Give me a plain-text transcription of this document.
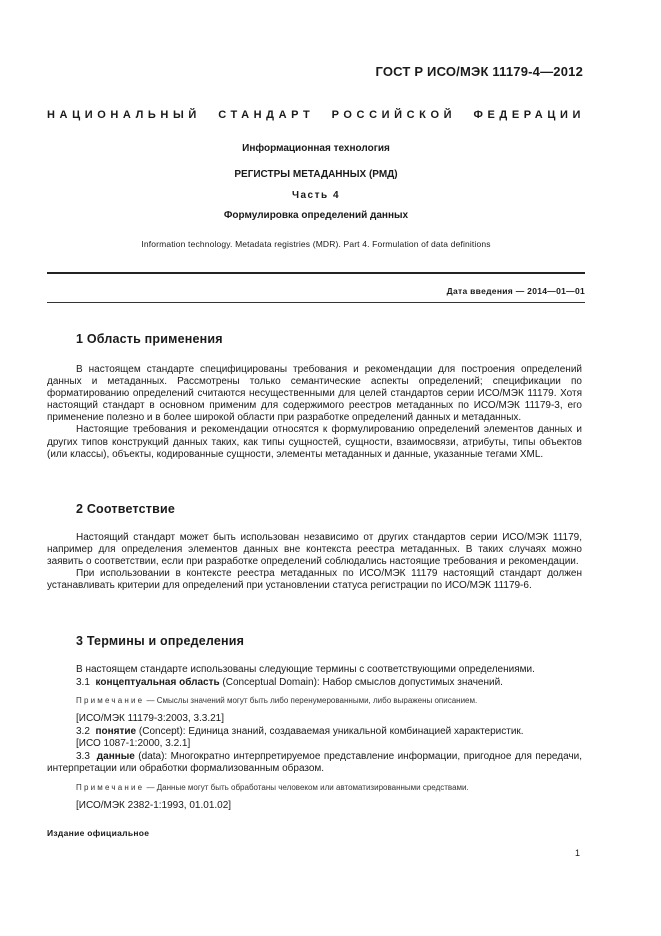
ГОСТ Р ИСО/МЭК 11179-4—2012
НАЦИОНАЛЬНЫЙ СТАНДАРТ РОССИЙСКОЙ ФЕДЕРАЦИИ
Информационная технология
РЕГИСТРЫ МЕТАДАННЫХ (РМД)
Часть 4
Формулировка определений данных
Information technology. Metadata registries (MDR). Part 4. Formulation of data definitions
Дата введения — 2014—01—01
1 Область применения

В настоящем стандарте специфицированы требования и рекомендации для построения определений данных и метаданных. Рассмотрены только семантические аспекты определений; спецификации по форматированию определений считаются несущественными для целей стандартов серии ИСО/МЭК 11179. Хотя настоящий стандарт в основном применим для содержимого реестров метаданных по ИСО/МЭК 11179-3, его применение полезно и в более широкой области при разработке определений данных и метаданных.

Настоящие требования и рекомендации относятся к формулированию определений элементов данных и других типов конструкций данных таких, как типы сущностей, сущности, взаимосвязи, атрибуты, типы объектов (или классы), объекты, кодированные сущности, элементы метаданных и данные, указанные тегами XML.

2 Соответствие

Настоящий стандарт может быть использован независимо от других стандартов серии ИСО/МЭК 11179, например для определения элементов данных вне контекста реестра метаданных. В таких случаях можно заявить о соответствии, если при разработке определений соблюдались настоящие требования и рекомендации.

При использовании в контексте реестра метаданных по ИСО/МЭК 11179 настоящий стандарт должен устанавливать критерии для определений при установлении статуса регистрации по ИСО/МЭК 11179-6.

3 Термины и определения
В настоящем стандарте использованы следующие термины с соответствующими определениями.
3.1 концептуальная область (Conceptual Domain): Набор смыслов допустимых значений.
Примечание — Смыслы значений могут быть либо перенумерованными, либо выражены описанием.
[ИСО/МЭК 11179-3:2003, 3.3.21]
3.2 понятие (Concept): Единица знаний, создаваемая уникальной комбинацией характеристик.
[ИСО 1087-1:2000, 3.2.1]

3.3 данные (data): Многократно интерпретируемое представление информации, пригодное для передачи, интерпретации или обработки формализованным образом.

Примечание — Данные могут быть обработаны человеком или автоматизированными средствами.
[ИСО/МЭК 2382-1:1993, 01.01.02]
Издание официальное
1
